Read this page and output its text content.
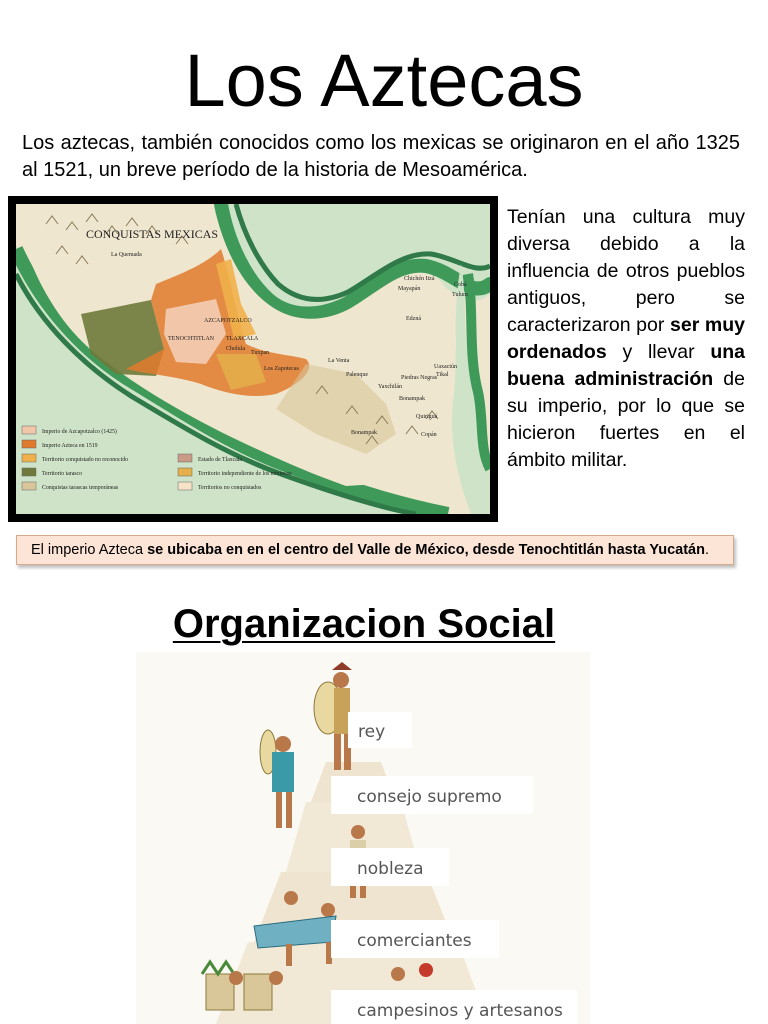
Los Aztecas

Los aztecas, también conocidos como los mexicas se originaron en el año 1325 al 1521, un breve período de la historia de Mesoamérica.

CONQUISTAS MEXICAS
Chichén Itzá
Mayapán
Cobá
Tulum
Edzná
Uaxactún
Tikal
La Venta
Palenque	Piedras Negras
Yaxchilán
Bonampak
Quiriguá
Copán
La Quemada
AZCAPOTZALCO
TENOCHTITLAN TLAXCALA
Cholula
Tuxpan
Los Zapotecas
Bonampak
Imperio de Azcapotzalco (1425)
Imperio Azteca en 1519
Territorio conquistado no reconocido
Territorio tarasco
Conquistas tarascas temporáneas
Estado de Tlaxcala
Territorio independiente de los mixtecos
Territorios no conquistados

Tenían una cultura muy diversa debido a la influencia de otros pueblos antiguos, pero se caracterizaron por ser muy ordenados y llevar una buena administración de su imperio, por lo que se hicieron fuertes en el ámbito militar.

El imperio Azteca se ubicaba en en el centro del Valle de México, desde Tenochtitlán hasta Yucatán.
Organizacion Social
rey
consejo supremo
nobleza
comerciantes
campesinos y artesanos
